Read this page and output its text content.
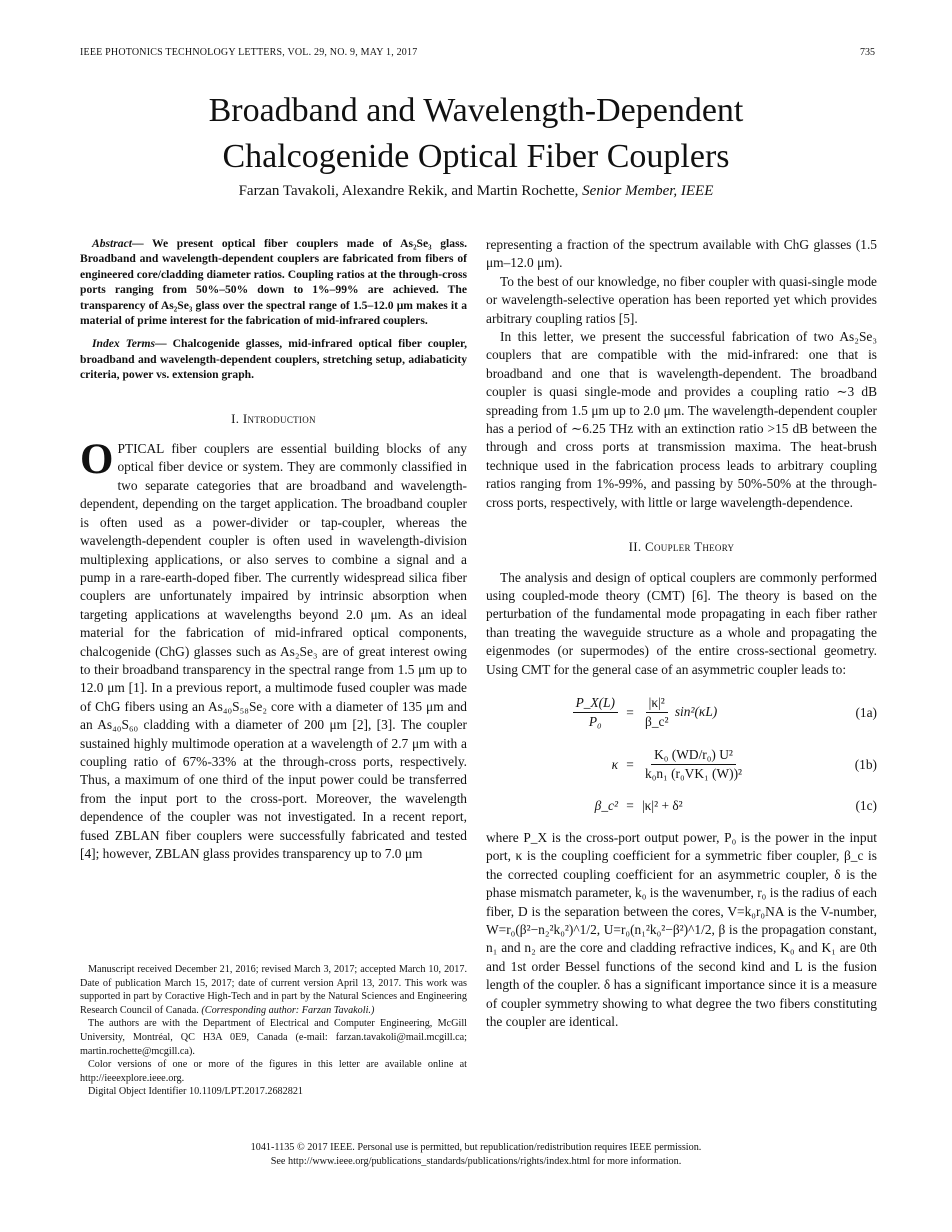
IEEE PHOTONICS TECHNOLOGY LETTERS, VOL. 29, NO. 9, MAY 1, 2017	735
Broadband and Wavelength-Dependent
Chalcogenide Optical Fiber Couplers
Farzan Tavakoli, Alexandre Rekik, and Martin Rochette, Senior Member, IEEE

Abstract— We present optical fiber couplers made of As₂Se₃ glass. Broadband and wavelength-dependent couplers are fabricated from fibers of engineered core/cladding diameter ratios. Coupling ratios at the through-cross ports ranging from 50%–50% down to 1%–99% are achieved. The transparency of As₂Se₃ glass over the spectral range of 1.5–12.0 μm makes it a material of prime interest for the fabrication of mid-infrared couplers.

Index Terms— Chalcogenide glasses, mid-infrared optical fiber coupler, broadband and wavelength-dependent couplers, stretching setup, adiabaticity criteria, power vs. extension graph.

I. Introduction

OPTICAL fiber couplers are essential building blocks of any optical fiber device or system. They are commonly classified in two separate categories that are broadband and wavelength-dependent, depending on the target application. The broadband coupler is often used as a power-divider or tap-coupler, whereas the wavelength-dependent coupler is often used in wavelength-division multiplexing applications, or also serves to combine a signal and a pump in a rare-earth-doped fiber. The currently widespread silica fiber couplers are unfortunately impaired by intrinsic absorption when targeting applications at wavelengths beyond 2.0 μm. As an ideal material for the fabrication of mid-infrared optical components, chalcogenide (ChG) glasses such as As₂Se₃ are of great interest owing to their broadband transparency in the spectral range from 1.5 μm up to 12.0 μm [1]. In a previous report, a multimode fused coupler was made of ChG fibers using an As₄₀S₅₈Se₂ core with a diameter of 135 μm and an As₄₀S₆₀ cladding with a diameter of 200 μm [2], [3]. The coupler sustained highly multimode operation at a wavelength of 2.7 μm with a coupling ratio of 67%-33% at the through-cross ports, respectively. Thus, a maximum of one third of the input power could be transferred from the input port to the cross-port. Moreover, the wavelength dependence of the coupler was not investigated. In a recent report, fused ZBLAN fiber couplers were successfully fabricated and tested [4]; however, ZBLAN glass provides transparency up to 7.0 μm

Manuscript received December 21, 2016; revised March 3, 2017; accepted March 10, 2017. Date of publication March 15, 2017; date of current version April 13, 2017. This work was supported in part by Coractive High-Tech and in part by the Natural Sciences and Engineering Research Council of Canada. (Corresponding author: Farzan Tavakoli.)

The authors are with the Department of Electrical and Computer Engineering, McGill University, Montréal, QC H3A 0E9, Canada (e-mail: farzan.tavakoli@mail.mcgill.ca; martin.rochette@mcgill.ca).

Color versions of one or more of the figures in this letter are available online at http://ieeexplore.ieee.org.

Digital Object Identifier 10.1109/LPT.2017.2682821

representing a fraction of the spectrum available with ChG glasses (1.5 μm–12.0 μm).

To the best of our knowledge, no fiber coupler with quasi-single mode or wavelength-selective operation has been reported yet which provides arbitrary coupling ratios [5].

In this letter, we present the successful fabrication of two As₂Se₃ couplers that are compatible with the mid-infrared: one that is broadband and one that is wavelength-dependent. The broadband coupler is quasi single-mode and provides a coupling ratio ∼3 dB spreading from 1.5 μm up to 2.0 μm. The wavelength-dependent coupler has a period of ∼6.25 THz with an extinction ratio >15 dB between the through and cross ports at transmission maxima. The heat-brush technique used in the fabrication process leads to arbitrary coupling ratios ranging from 1%-99%, and passing by 50%-50% at the through-cross ports, respectively, with little or large wavelength-dependence.

II. Coupler Theory

The analysis and design of optical couplers are commonly performed using coupled-mode theory (CMT) [6]. The theory is based on the perturbation of the fundamental mode propagating in each fiber rather than treating the waveguide structure as a whole and propagating the eigenmodes (or supermodes) of the entire cross-sectional geometry. Using CMT for the general case of an asymmetric coupler leads to:

$\frac{P\_X(L)}{\text{P₀}} = \frac{\text{|κ|²}}{\text{β\_c²}} \sin^2(\kappa L)$	(1a)
$\kappa = \frac{\text{K₀ (WD/r₀) U²}}{\text{k₀n₁ (r₀VK₁ (W))²}}$	(1b)
β_c² = |κ|² + δ²	(1c)

where P_X is the cross-port output power, P₀ is the power in the input port, κ is the coupling coefficient for a symmetric fiber coupler, β_c is the corrected coupling coefficient for an asymmetric coupler, δ is the phase mismatch parameter, k₀ is the wavenumber, r₀ is the radius of each fiber, D is the separation between the cores, V=k₀r₀NA is the V-number, W=r₀(β²−n₂²k₀²)^1/2, U=r₀(n₁²k₀²−β²)^1/2, β is the propagation constant, n₁ and n₂ are the core and cladding refractive indices, K₀ and K₁ are 0th and 1st order Bessel functions of the second kind and L is the fusion length of the coupler. δ has a significant importance since it is a measure of coupler symmetry showing to what degree the two fibers constituting the coupler are identical.

1041-1135 © 2017 IEEE. Personal use is permitted, but republication/redistribution requires IEEE permission.
See http://www.ieee.org/publications_standards/publications/rights/index.html for more information.
